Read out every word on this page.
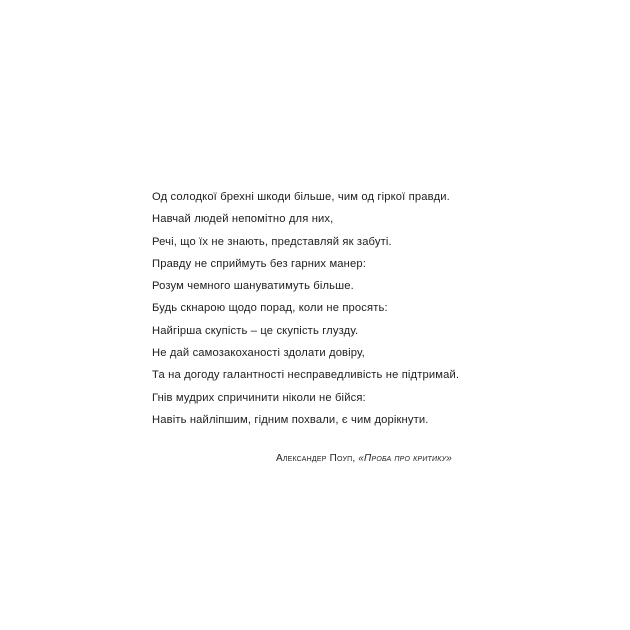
Од солодкої брехні шкоди більше, чим од гіркої правди.
Навчай людей непомітно для них,
Речі, що їх не знають, представляй як забуті.
Правду не сприймуть без гарних манер:
Розум чемного шануватимуть більше.
Будь скнарою щодо порад, коли не просять:
Найгірша скупість – це скупість глузду.
Не дай самозакоханості здолати довіру,
Та на догоду галантності несправедливість не підтримай.
Гнів мудрих спричинити ніколи не бійся:
Навіть найліпшим, гідним похвали, є чим дорікнути.
Александер Поуп, «Проба про критику»
